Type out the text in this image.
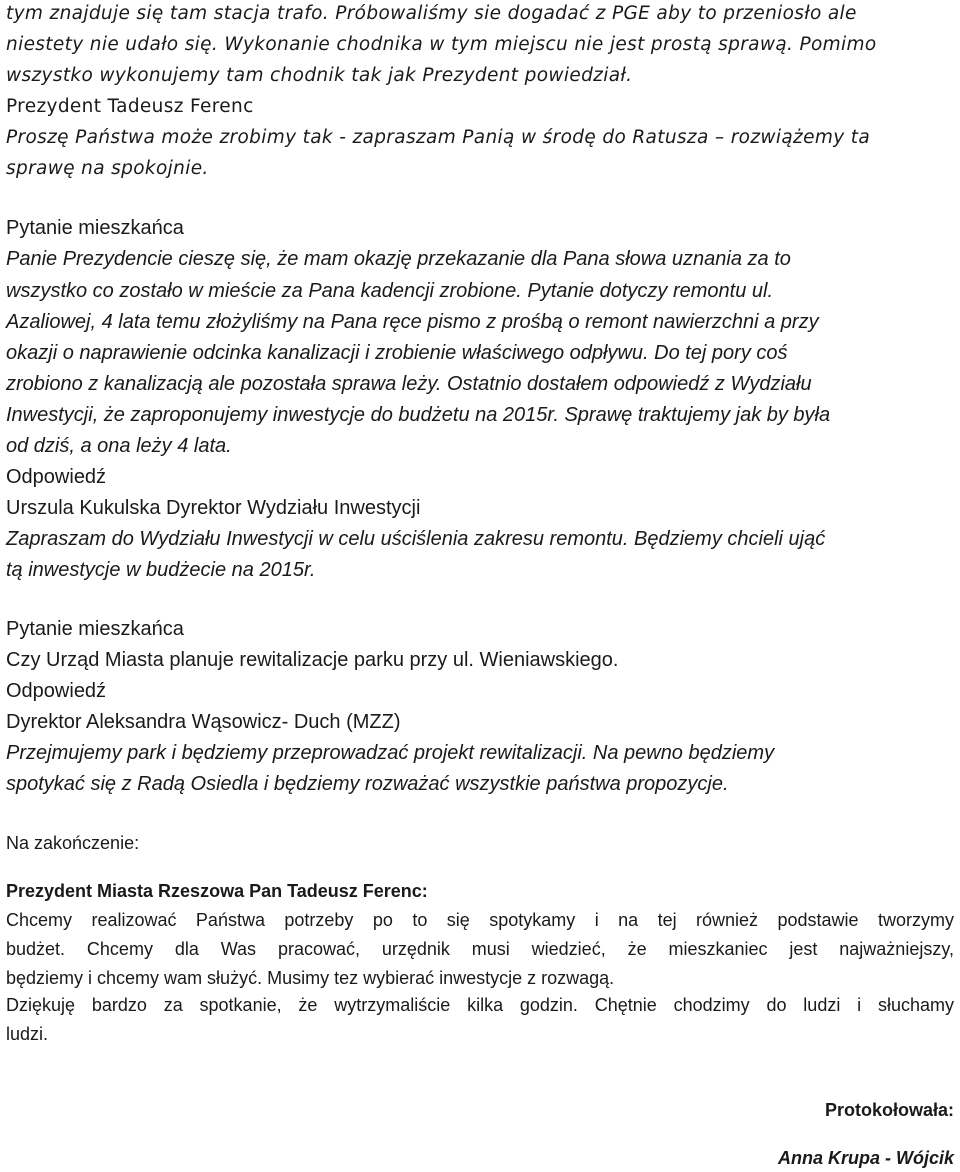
tym znajduje się tam stacja trafo. Próbowaliśmy sie dogadać z PGE aby to przeniosło ale
niestety nie udało się. Wykonanie chodnika w tym miejscu nie jest prostą sprawą. Pomimo
wszystko wykonujemy tam chodnik tak jak Prezydent powiedział.
Prezydent Tadeusz Ferenc
Proszę Państwa może zrobimy tak - zapraszam Panią w środę do Ratusza – rozwiążemy ta
sprawę na spokojnie.
Pytanie mieszkańca
Panie Prezydencie cieszę się, że mam okazję przekazanie dla Pana słowa uznania za to
wszystko co zostało w mieście za Pana kadencji zrobione. Pytanie dotyczy remontu ul.
Azaliowej, 4 lata temu złożyliśmy na Pana ręce pismo z prośbą o remont nawierzchni a przy
okazji o naprawienie odcinka kanalizacji i zrobienie właściwego odpływu. Do tej pory coś
zrobiono z kanalizacją ale pozostała sprawa leży. Ostatnio dostałem odpowiedź z Wydziału
Inwestycji, że zaproponujemy inwestycje do budżetu na 2015r. Sprawę traktujemy jak by była
od dziś, a ona leży 4 lata.
Odpowiedź
Urszula Kukulska Dyrektor Wydziału Inwestycji
Zapraszam do Wydziału Inwestycji w celu uściślenia zakresu remontu. Będziemy chcieli ująć
tą inwestycje w budżecie na 2015r.
Pytanie mieszkańca
Czy Urząd Miasta planuje rewitalizacje parku przy ul. Wieniawskiego.
Odpowiedź
Dyrektor Aleksandra Wąsowicz- Duch (MZZ)
Przejmujemy park i będziemy przeprowadzać projekt rewitalizacji. Na pewno będziemy
spotykać się z Radą Osiedla i będziemy rozważać wszystkie państwa propozycje.
Na zakończenie:
Prezydent Miasta Rzeszowa Pan Tadeusz Ferenc:
Chcemy realizować Państwa potrzeby po to się spotykamy i na tej również podstawie tworzymy
budżet. Chcemy dla Was pracować, urzędnik musi wiedzieć, że mieszkaniec jest najważniejszy,
będziemy i chcemy wam służyć. Musimy tez wybierać inwestycje z rozwagą.
Dziękuję bardzo za spotkanie, że wytrzymaliście kilka godzin. Chętnie chodzimy do ludzi i słuchamy
ludzi.
Protokołowała:
Anna Krupa - Wójcik
